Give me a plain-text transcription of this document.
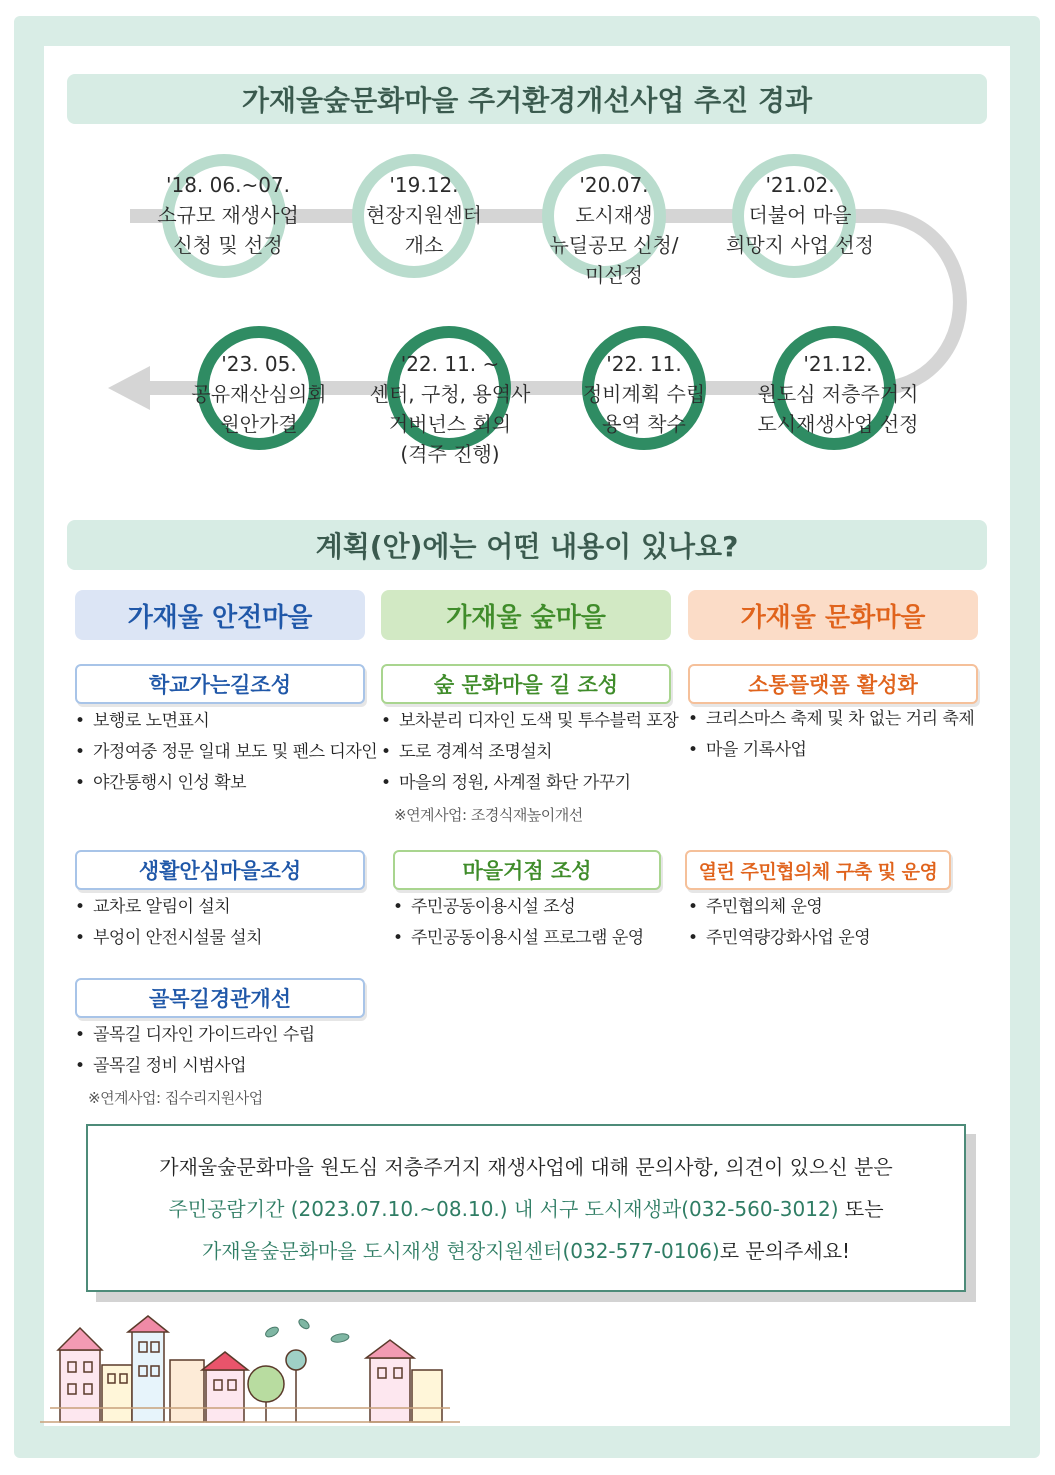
가재울숲문화마을 주거환경개선사업 추진 경과
'18. 06.~07.
소규모 재생사업
신청 및 선정
'19.12.
현장지원센터
개소
'20.07.
도시재생
뉴딜공모 신청/
미선정
'21.02.
더불어 마을
희망지 사업 선정
'21.12.
원도심 저층주거지
도시재생사업 선정
'22. 11.
정비계획 수립
용역 착수
'22. 11. ~
센터, 구청, 용역사
거버넌스 회의
(격주 진행)
'23. 05.
공유재산심의회
원안가결
계획(안)에는 어떤 내용이 있나요?
가재울 안전마을	가재울 숲마을	가재울 문화마을
학교가는길조성
• 보행로 노면표시
• 가정여중 정문 일대 보도 및 펜스 디자인
• 야간통행시 인성 확보
생활안심마을조성
• 교차로 알림이 설치
• 부엉이 안전시설물 설치
골목길경관개선
• 골목길 디자인 가이드라인 수립
• 골목길 정비 시범사업
※연계사업: 집수리지원사업
숲 문화마을 길 조성
• 보차분리 디자인 도색 및 투수블럭 포장
• 도로 경계석 조명설치
• 마을의 정원, 사계절 화단 가꾸기
※연계사업: 조경식재높이개선
마을거점 조성
• 주민공동이용시설 조성
• 주민공동이용시설 프로그램 운영
소통플랫폼 활성화
• 크리스마스 축제 및 차 없는 거리 축제
• 마을 기록사업
열린 주민협의체 구축 및 운영
• 주민협의체 운영
• 주민역량강화사업 운영
가재울숲문화마을 원도심 저층주거지 재생사업에 대해 문의사항, 의견이 있으신 분은
주민공람기간 (2023.07.10.~08.10.) 내 서구 도시재생과(032-560-3012) 또는
가재울숲문화마을 도시재생 현장지원센터(032-577-0106)로 문의주세요!
